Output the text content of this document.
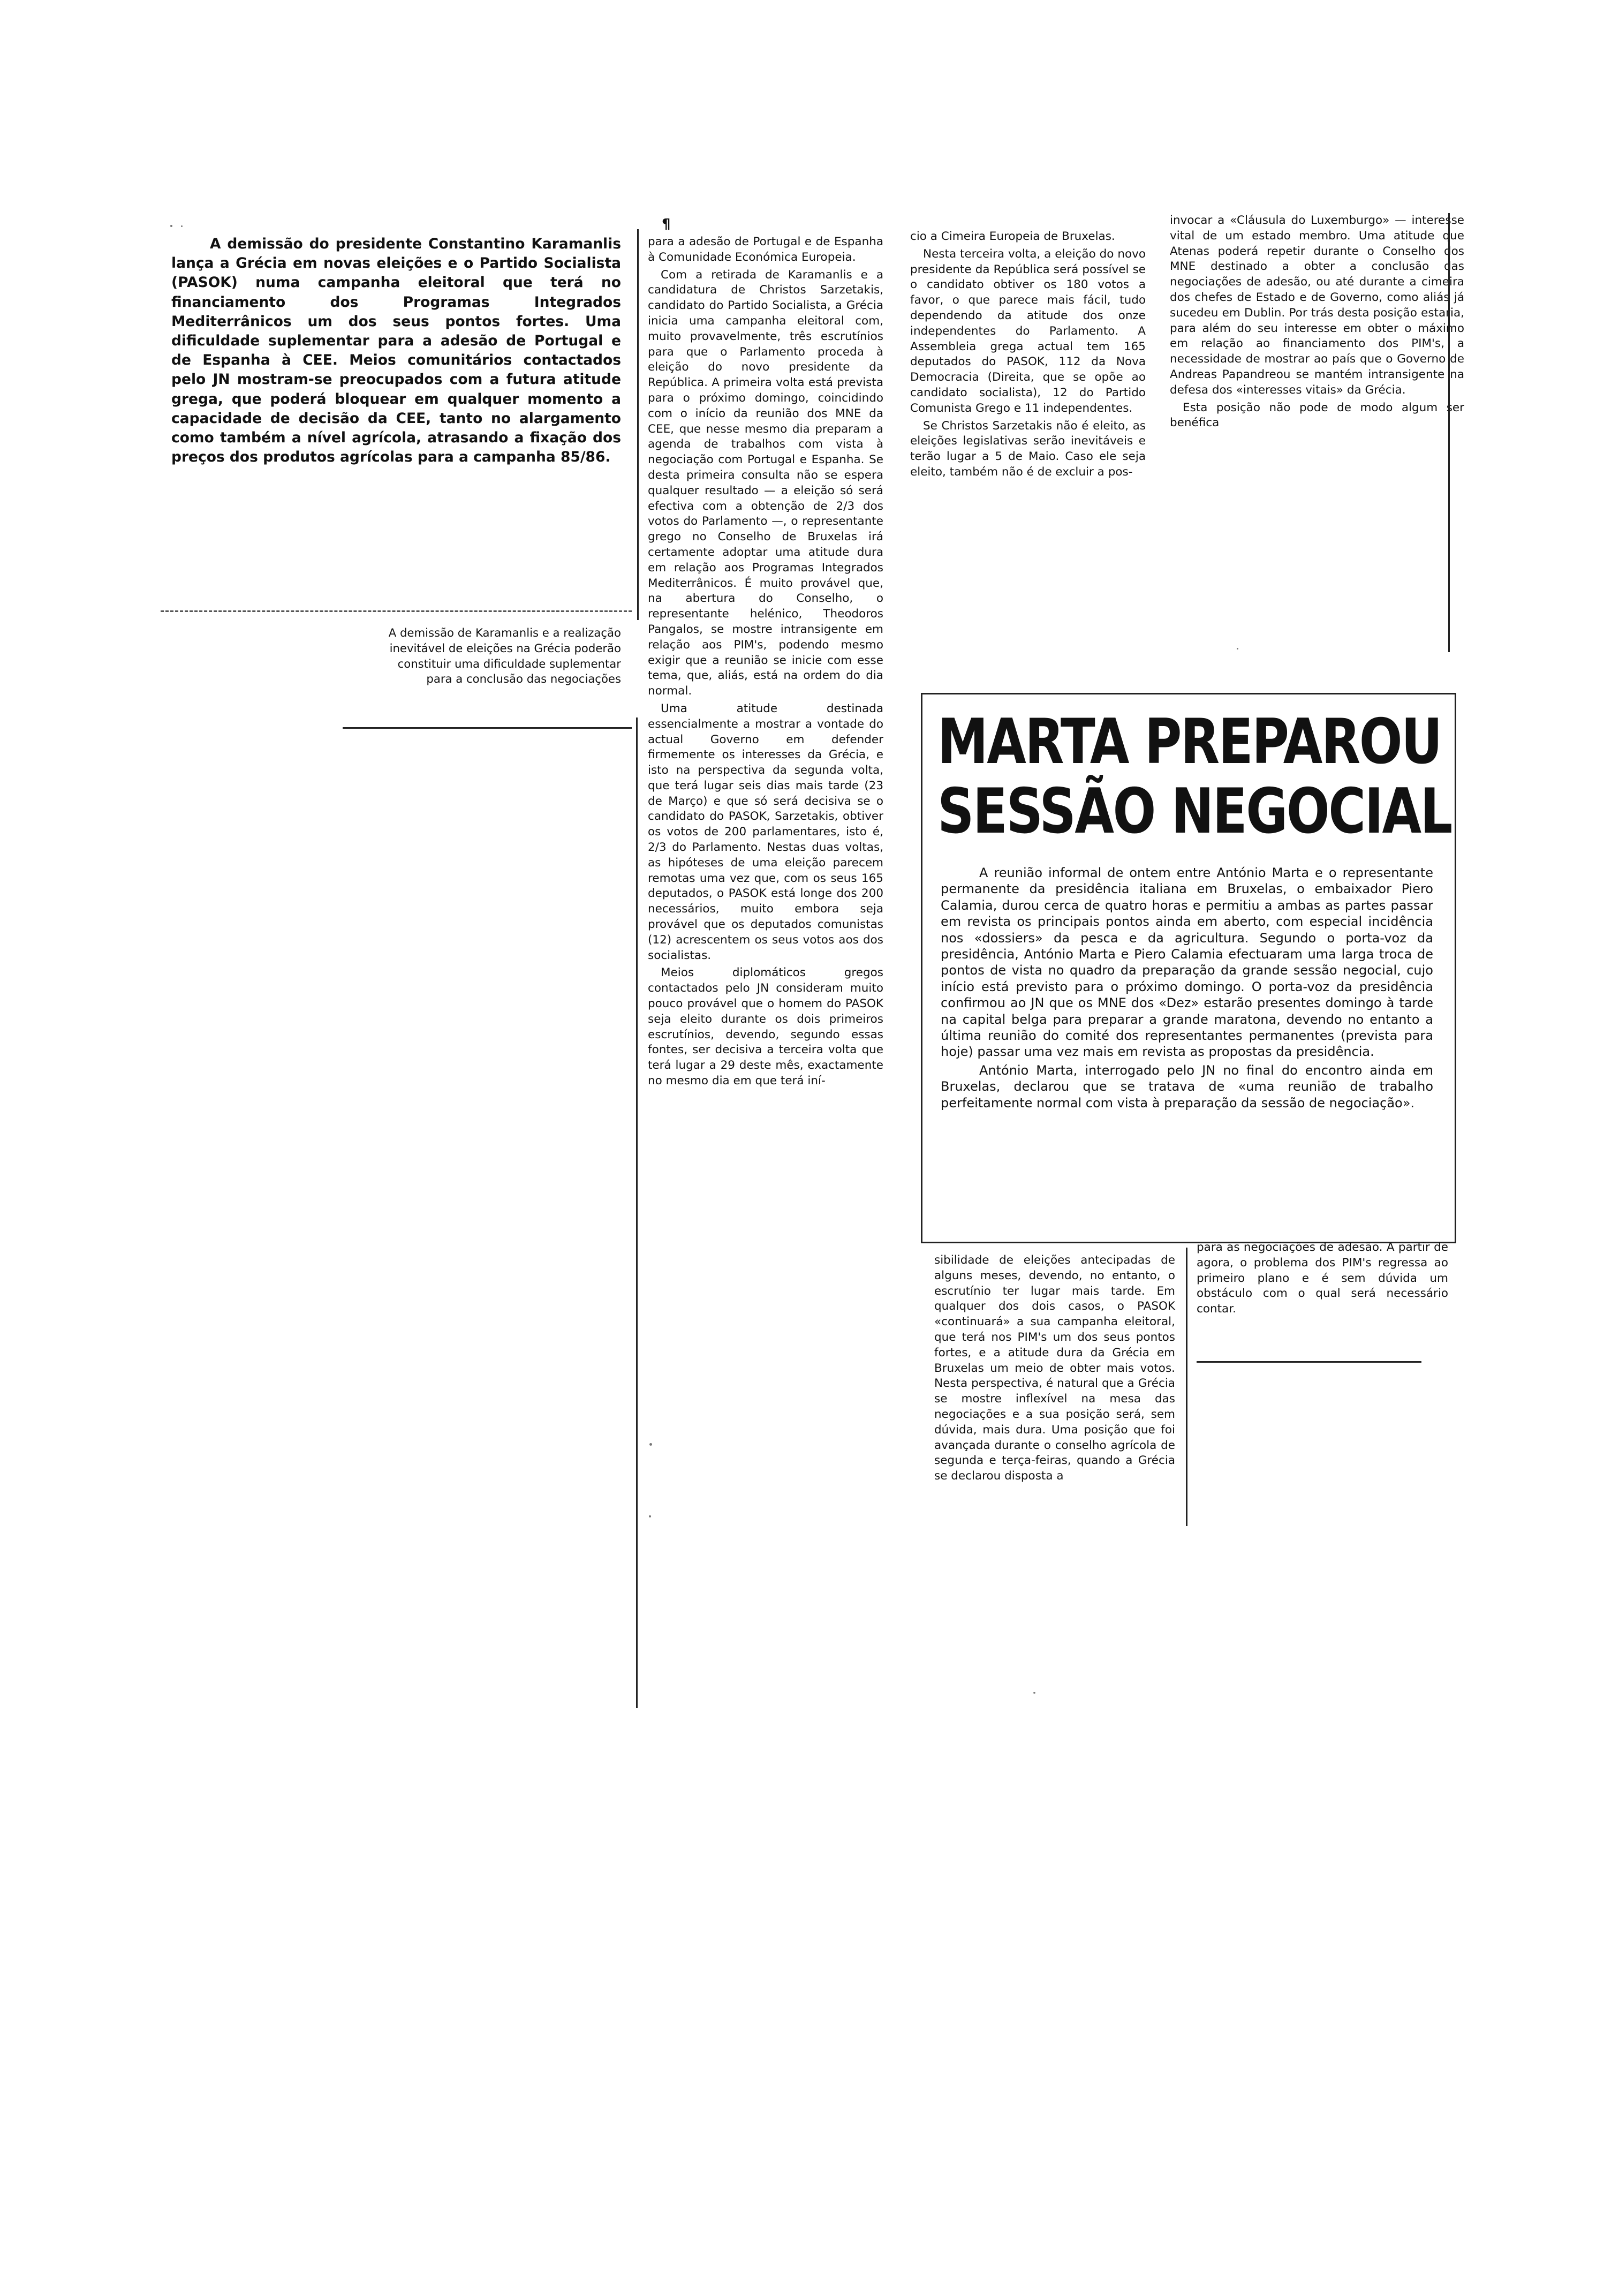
¶

A demissão do presidente Constantino Karamanlis lança a Grécia em novas eleições e o Partido Socialista (PASOK) numa campanha eleitoral que terá no financiamento dos Programas Integrados Mediterrânicos um dos seus pontos fortes. Uma dificuldade suplementar para a adesão de Portugal e de Espanha à CEE. Meios comunitários contactados pelo JN mostram-se preocupados com a futura atitude grega, que poderá bloquear em qualquer momento a capacidade de decisão da CEE, tanto no alargamento como também a nível agrícola, atrasando a fixação dos preços dos produtos agrícolas para a campanha 85/86.

A demissão de Karamanlis e a realização inevitável de eleições na Grécia poderão constituir uma dificuldade suplementar para a conclusão das negociações

para a adesão de Portugal e de Espanha à Comunidade Económica Europeia.

Com a retirada de Karamanlis e a candidatura de Christos Sarzetakis, candidato do Partido Socialista, a Grécia inicia uma campanha eleitoral com, muito provavelmente, três escrutínios para que o Parlamento proceda à eleição do novo presidente da República. A primeira volta está prevista para o próximo domingo, coincidindo com o início da reunião dos MNE da CEE, que nesse mesmo dia preparam a agenda de trabalhos com vista à negociação com Portugal e Espanha. Se desta primeira consulta não se espera qualquer resultado — a eleição só será efectiva com a obtenção de 2/3 dos votos do Parlamento —, o representante grego no Conselho de Bruxelas irá certamente adoptar uma atitude dura em relação aos Programas Integrados Mediterrânicos. É muito provável que, na abertura do Conselho, o representante helénico, Theodoros Pangalos, se mostre intransigente em relação aos PIM's, podendo mesmo exigir que a reunião se inicie com esse tema, que, aliás, está na ordem do dia normal.

Uma atitude destinada essencialmente a mostrar a vontade do actual Governo em defender firmemente os interesses da Grécia, e isto na perspectiva da segunda volta, que terá lugar seis dias mais tarde (23 de Março) e que só será decisiva se o candidato do PASOK, Sarzetakis, obtiver os votos de 200 parlamentares, isto é, 2/3 do Parlamento. Nestas duas voltas, as hipóteses de uma eleição parecem remotas uma vez que, com os seus 165 deputados, o PASOK está longe dos 200 necessários, muito embora seja provável que os deputados comunistas (12) acrescentem os seus votos aos dos socialistas.

Meios diplomáticos gregos contactados pelo JN consideram muito pouco provável que o homem do PASOK seja eleito durante os dois primeiros escrutínios, devendo, segundo essas fontes, ser decisiva a terceira volta que terá lugar a 29 deste mês, exactamente no mesmo dia em que terá iní-

cio a Cimeira Europeia de Bruxelas.

Nesta terceira volta, a eleição do novo presidente da República será possível se o candidato obtiver os 180 votos a favor, o que parece mais fácil, tudo dependendo da atitude dos onze independentes do Parlamento. A Assembleia grega actual tem 165 deputados do PASOK, 112 da Nova Democracia (Direita, que se opõe ao candidato socialista), 12 do Partido Comunista Grego e 11 independentes.

Se Christos Sarzetakis não é eleito, as eleições legislativas serão inevitáveis e terão lugar a 5 de Maio. Caso ele seja eleito, também não é de excluir a pos-

invocar a «Cláusula do Luxemburgo» — interesse vital de um estado membro. Uma atitude que Atenas poderá repetir durante o Conselho dos MNE destinado a obter a conclusão das negociações de adesão, ou até durante a cimeira dos chefes de Estado e de Governo, como aliás já sucedeu em Dublin. Por trás desta posição estaria, para além do seu interesse em obter o máximo em relação ao financiamento dos PIM's, a necessidade de mostrar ao país que o Governo de Andreas Papandreou se mantém intransigente na defesa dos «interesses vitais» da Grécia.

Esta posição não pode de modo algum ser benéfica

MARTA PREPAROU
SESSÃO NEGOCIAL

A reunião informal de ontem entre António Marta e o representante permanente da presidência italiana em Bruxelas, o embaixador Piero Calamia, durou cerca de quatro horas e permitiu a ambas as partes passar em revista os principais pontos ainda em aberto, com especial incidência nos «dossiers» da pesca e da agricultura. Segundo o porta-voz da presidência, António Marta e Piero Calamia efectuaram uma larga troca de pontos de vista no quadro da preparação da grande sessão negocial, cujo início está previsto para o próximo domingo. O porta-voz da presidência confirmou ao JN que os MNE dos «Dez» estarão presentes domingo à tarde na capital belga para preparar a grande maratona, devendo no entanto a última reunião do comité dos representantes permanentes (prevista para hoje) passar uma vez mais em revista as propostas da presidência.

António Marta, interrogado pelo JN no final do encontro ainda em Bruxelas, declarou que se tratava de «uma reunião de trabalho perfeitamente normal com vista à preparação da sessão de negociação».

sibilidade de eleições antecipadas de alguns meses, devendo, no entanto, o escrutínio ter lugar mais tarde. Em qualquer dos dois casos, o PASOK «continuará» a sua campanha eleitoral, que terá nos PIM's um dos seus pontos fortes, e a atitude dura da Grécia em Bruxelas um meio de obter mais votos. Nesta perspectiva, é natural que a Grécia se mostre inflexível na mesa das negociações e a sua posição será, sem dúvida, mais dura. Uma posição que foi avançada durante o conselho agrícola de segunda e terça-feiras, quando a Grécia se declarou disposta a

para as negociações de adesão. A partir de agora, o problema dos PIM's regressa ao primeiro plano e é sem dúvida um obstáculo com o qual será necessário contar.
